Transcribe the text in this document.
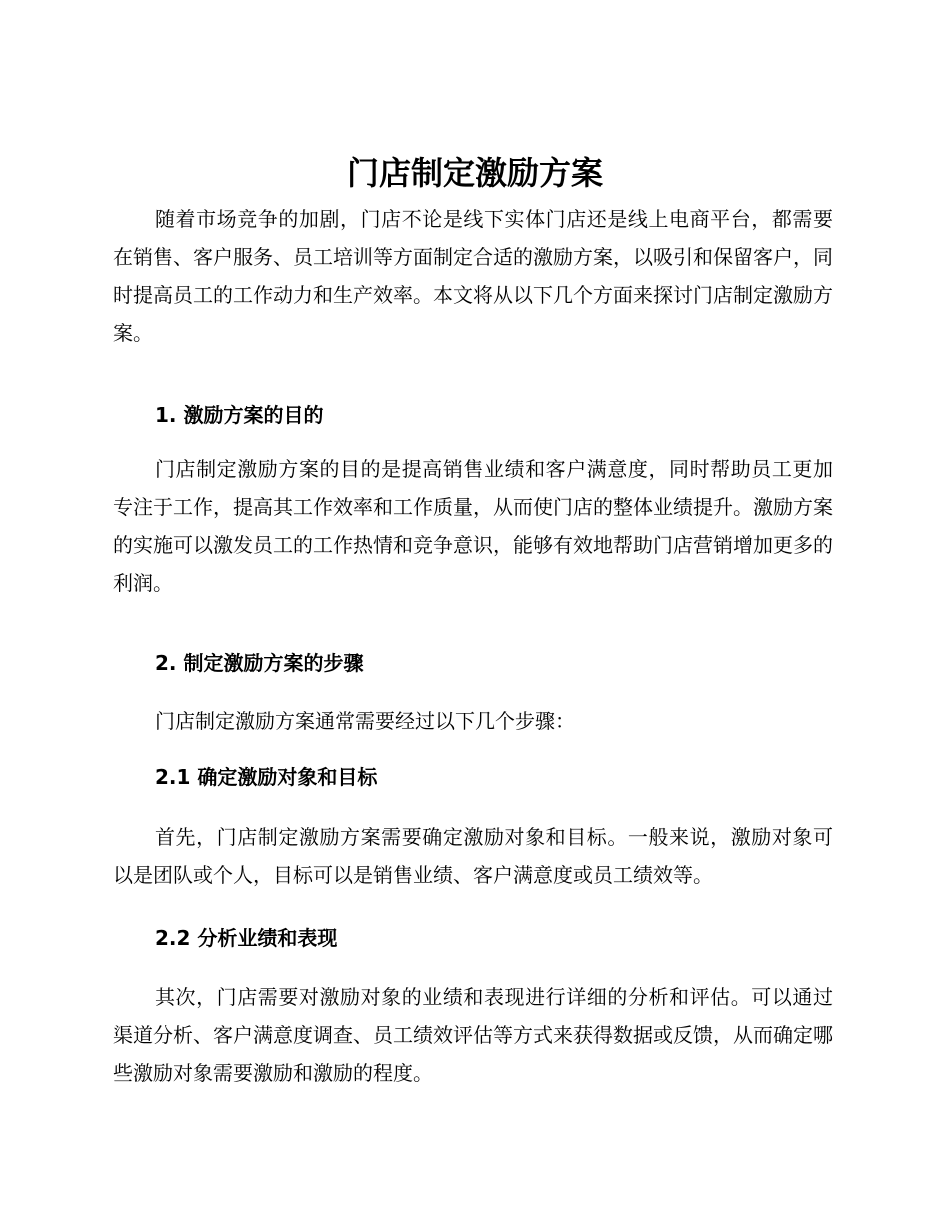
门店制定激励方案

随着市场竞争的加剧，门店不论是线下实体门店还是线上电商平台，都需要在销售、客户服务、员工培训等方面制定合适的激励方案，以吸引和保留客户，同时提高员工的工作动力和生产效率。本文将从以下几个方面来探讨门店制定激励方案。

1. 激励方案的目的

门店制定激励方案的目的是提高销售业绩和客户满意度，同时帮助员工更加专注于工作，提高其工作效率和工作质量，从而使门店的整体业绩提升。激励方案的实施可以激发员工的工作热情和竞争意识，能够有效地帮助门店营销增加更多的利润。

2. 制定激励方案的步骤

门店制定激励方案通常需要经过以下几个步骤：

2.1 确定激励对象和目标

首先，门店制定激励方案需要确定激励对象和目标。一般来说，激励对象可以是团队或个人，目标可以是销售业绩、客户满意度或员工绩效等。

2.2 分析业绩和表现

其次，门店需要对激励对象的业绩和表现进行详细的分析和评估。可以通过渠道分析、客户满意度调查、员工绩效评估等方式来获得数据或反馈，从而确定哪些激励对象需要激励和激励的程度。
